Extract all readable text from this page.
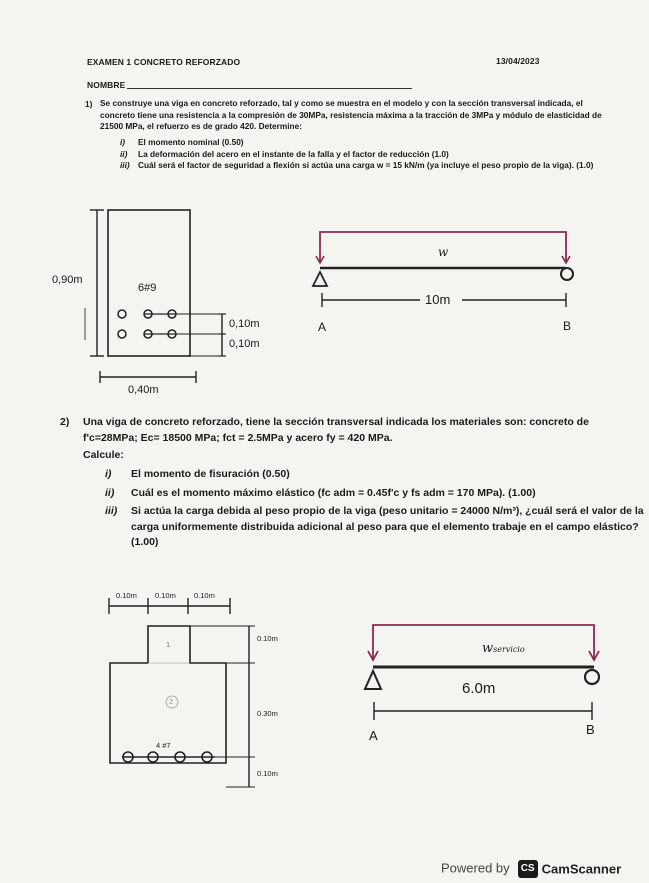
EXAMEN 1 CONCRETO REFORZADO	13/04/2023
NOMBRE
1) Se construye una viga en concreto reforzado, tal y como se muestra en el modelo y con la sección transversal indicada, el concreto tiene una resistencia a la compresión de 30MPa, resistencia máxima a la tracción de 3MPa y módulo de elasticidad de 21500 MPa, el refuerzo es de grado 420. Determine:
i)	El momento nominal (0.50)
ii)	La deformación del acero en el instante de la falla y el factor de reducción (1.0)
iii)	Cuál será el factor de seguridad a flexión si actúa una carga w = 15 kN/m (ya incluye el peso propio de la viga). (1.0)
0,90m
6#9
0,10m
0,10m
0,40m
w
10m
A	B
2) Una viga de concreto reforzado, tiene la sección transversal indicada los materiales son: concreto de f'c=28MPa; Ec= 18500 MPa; fct = 2.5MPa y acero fy = 420 MPa.
Calcule:
i)	El momento de fisuración (0.50)
ii)	Cuál es el momento máximo elástico (fc adm = 0.45f'c y fs adm = 170 MPa). (1.00)
iii)	Si actúa la carga debida al peso propio de la viga (peso unitario = 24000 N/m³), ¿cuál será el valor de la carga uniformemente distribuida adicional al peso para que el elemento trabaje en el campo elástico? (1.00)
0.10m 0.10m 0.10m
1
2
4 #7
0.10m
0.30m
0.10m
wservicio
6.0m
A	B
Powered by CS CamScanner
